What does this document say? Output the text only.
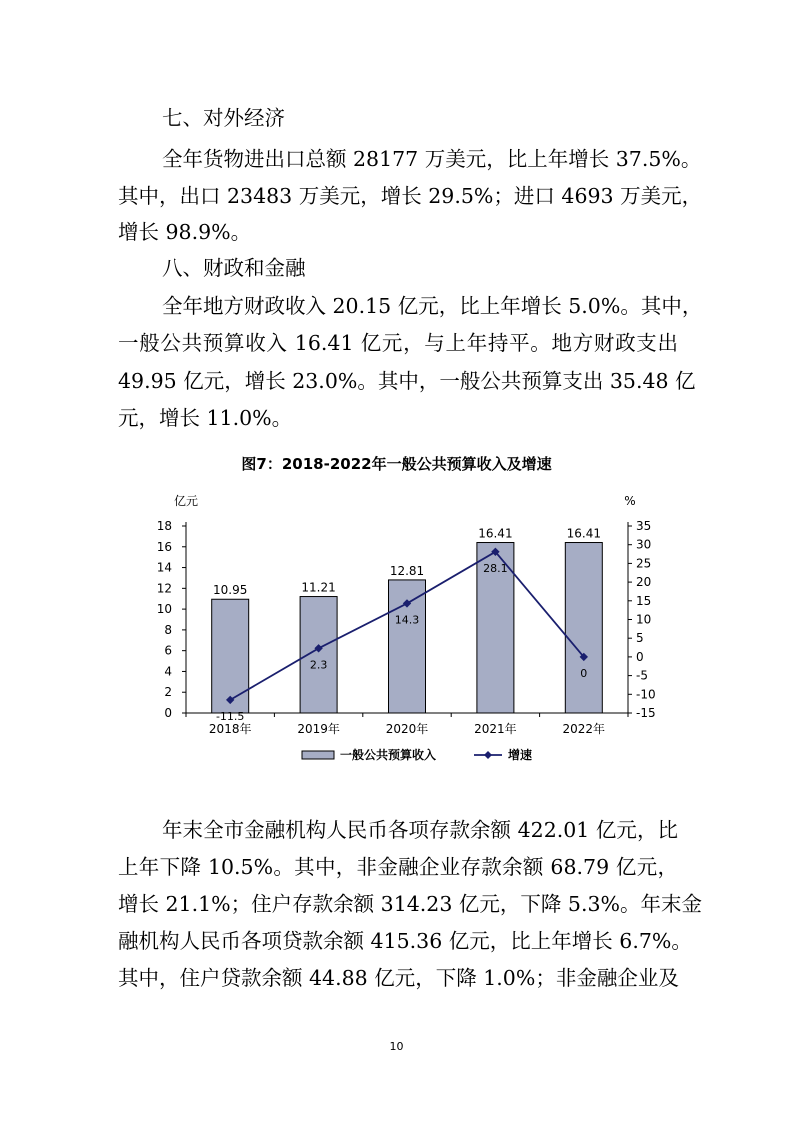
七、对外经济
全年货物进出口总额 28177 万美元，比上年增长 37.5%。
其中，出口 23483 万美元，增长 29.5%；进口 4693 万美元，
增长 98.9%。
八、财政和金融
全年地方财政收入 20.15 亿元，比上年增长 5.0%。其中，
一般公共预算收入 16.41 亿元，与上年持平。地方财政支出
49.95 亿元，增长 23.0%。其中，一般公共预算支出 35.48 亿
元，增长 11.0%。
图7：2018-2022年一般公共预算收入及增速
亿元
0
2
4
6
8
10
12
14
16
18
%
-15
-10
-5
0
5
10
15
20
25
30
35
10.95	11.21
12.81
16.41	16.41
-11.5
2.3
14.3
28.1
0
2018年	2019年	2020年	2021年	2022年
一般公共预算收入	增速
年末全市金融机构人民币各项存款余额 422.01 亿元，比
上年下降 10.5%。其中，非金融企业存款余额 68.79 亿元，
增长 21.1%；住户存款余额 314.23 亿元，下降 5.3%。年末金
融机构人民币各项贷款余额 415.36 亿元，比上年增长 6.7%。
其中，住户贷款余额 44.88 亿元，下降 1.0%；非金融企业及
10
